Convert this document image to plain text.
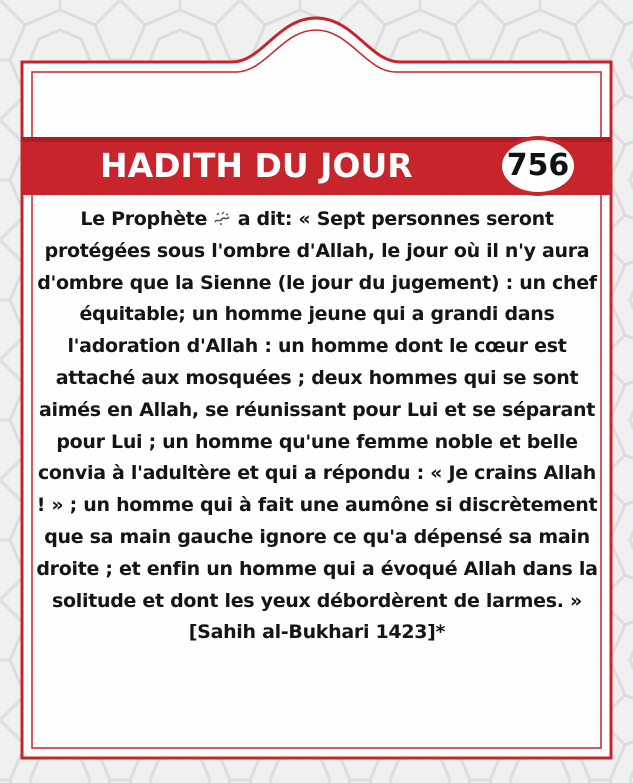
HADITH DU JOUR	756

Le Prophète a dit: « Sept personnes seront protégées sous l'ombre d'Allah, le jour où il n'y aura d'ombre que la Sienne (le jour du jugement) : un chef équitable; un homme jeune qui a grandi dans l'adoration d'Allah : un homme dont le cœur est attaché aux mosquées ; deux hommes qui se sont aimés en Allah, se réunissant pour Lui et se séparant pour Lui ; un homme qu'une femme noble et belle convia à l'adultère et qui a répondu : « Je crains Allah ! » ; un homme qui à fait une aumône si discrètement que sa main gauche ignore ce qu'a dépensé sa main droite ; et enfin un homme qui a évoqué Allah dans la solitude et dont les yeux débordèrent de larmes. » [Sahih al-Bukhari 1423]*
